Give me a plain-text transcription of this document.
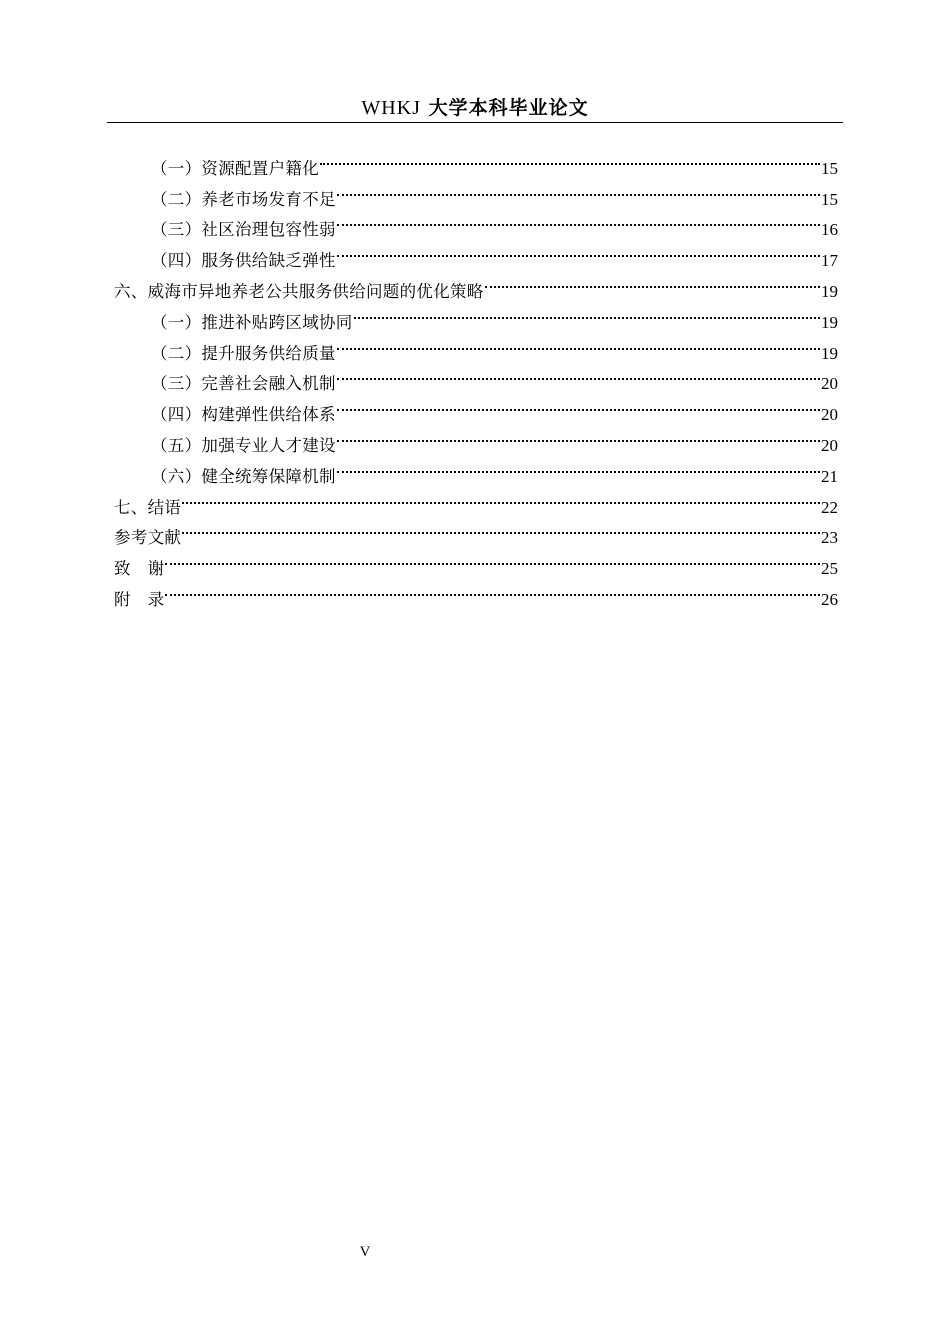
WHKJ 大学本科毕业论文
（一）资源配置户籍化	15
（二）养老市场发育不足	15
（三）社区治理包容性弱	16
（四）服务供给缺乏弹性	17
六、威海市异地养老公共服务供给问题的优化策略	19
（一）推进补贴跨区域协同	19
（二）提升服务供给质量	19
（三）完善社会融入机制	20
（四）构建弹性供给体系	20
（五）加强专业人才建设	20
（六）健全统筹保障机制	21
七、结语	22
参考文献	23
致　谢	25
附　录	26
V
